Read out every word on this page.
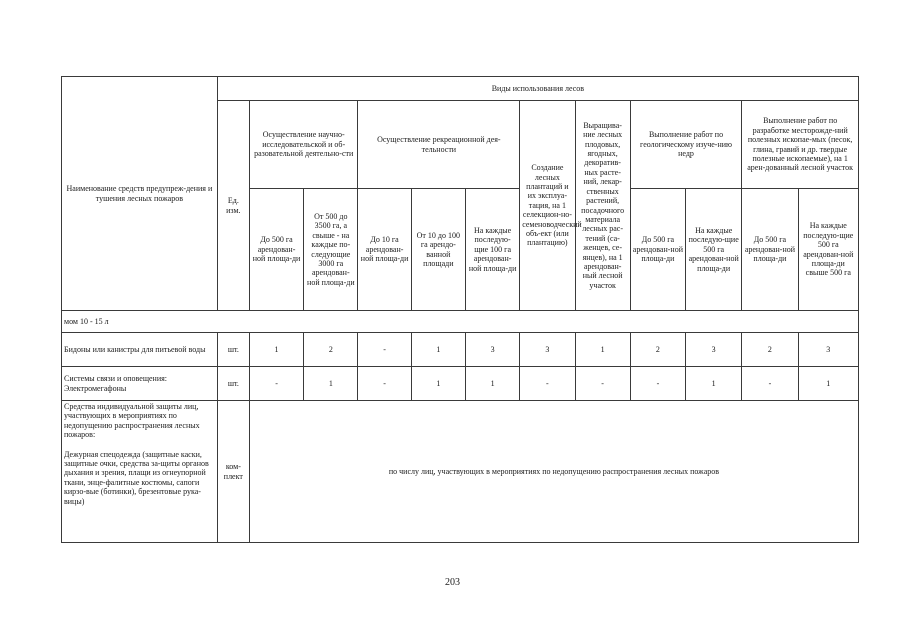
Наименование средств предупреж-дения и тушения лесных пожаров	Виды использования лесов											
	Ед. изм.	Осуществление научно-исследовательской и об-разовательной деятельно-сти		Осуществление рекреационной дея-тельности			Создание лесных плантаций и их эксплуа-тация, на 1 селекцион-но-семеноводческий объ-ект (или плантацию)	Выращива-ние лесных плодовых, ягодных, декоратив-ных расте-ний, лекар-ственных растений, посадочного материала лесных рас-тений (са-женцев, се-янцев), на 1 арендован-ный лесной участок	Выполнение работ по геологическому изуче-нию недр		Выполнение работ по разработке месторожде-ний полезных ископае-мых (песок, глина, гравий и др. твердые полезные ископаемые), на 1 арен-дованный лесной участок	
		До 500 га арендован-ной площа-ди	От 500 до 3500 га, а свыше - на каждые по-следующие 3000 га арендован-ной площа-ди	До 10 га арендован-ной площа-ди	От 10 до 100 га арендо-ванной площади	На каждые последую-щие 100 га арендован-ной площа-ди			До 500 га арендован-ной площа-ди	На каждые последую-щие 500 га арендован-ной площа-ди	До 500 га арендован-ной площа-ди	На каждые последую-щие 500 га арендован-ной площа-ди свыше 500 га
мом 10 - 15 л												
Бидоны или канистры для питьевой воды	шт.	1	2	-	1	3	3	1	2	3	2	3
Системы связи и оповещения: Электромегафоны	шт.	-	1	-	1	1	-	-	-	1	-	1

Средства индивидуальной защиты лиц, участвующих в мероприятиях по недопущению распространения лесных пожаров:
Дежурная спецодежда (защитные каски, защитные очки, средства за-щиты органов дыхания и зрения, плащи из огнеупорной ткани, энце-фалитные костюмы, сапоги кирзо-вые (ботинки), брезентовые рука-вицы)	ком-плект	по числу лиц, участвующих в мероприятиях по недопущению распространения лесных пожаров										
203
